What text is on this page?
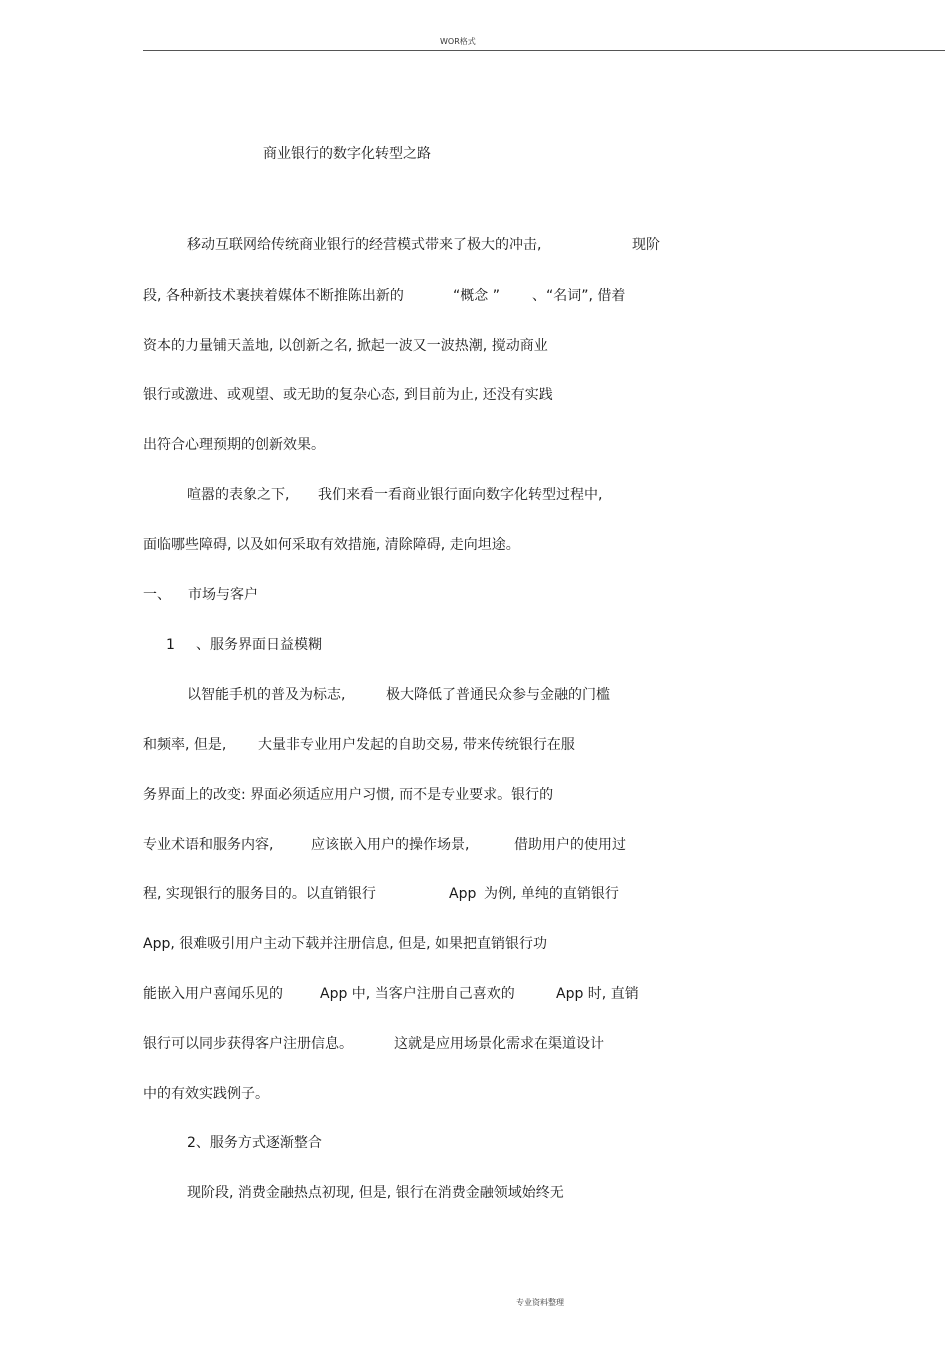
WOR格式
商业银行的数字化转型之路
移动互联网给传统商业银行的经营模式带来了极大的冲击,	现阶
段, 各种新技术裹挟着媒体不断推陈出新的	“概念 ” 、“名词”, 借着
资本的力量铺天盖地, 以创新之名, 掀起一波又一波热潮, 搅动商业
银行或激进、或观望、或无助的复杂心态, 到目前为止, 还没有实践
出符合心理预期的创新效果。
喧嚣的表象之下, 我们来看一看商业银行面向数字化转型过程中,
面临哪些障碍, 以及如何采取有效措施, 清除障碍, 走向坦途。
一、 市场与客户
1 、服务界面日益模糊
以智能手机的普及为标志,	极大降低了普通民众参与金融的门槛
和频率, 但是, 大量非专业用户发起的自助交易, 带来传统银行在服
务界面上的改变: 界面必须适应用户习惯, 而不是专业要求。银行的
专业术语和服务内容,	应该嵌入用户的操作场景,	借助用户的使用过
程, 实现银行的服务目的。以直销银行	App 为例, 单纯的直销银行
App, 很难吸引用户主动下载并注册信息, 但是, 如果把直销银行功
能嵌入用户喜闻乐见的	App 中, 当客户注册自己喜欢的	App 时, 直销
银行可以同步获得客户注册信息。	这就是应用场景化需求在渠道设计
中的有效实践例子。
2、服务方式逐渐整合
现阶段, 消费金融热点初现, 但是, 银行在消费金融领域始终无
专业资料整理
